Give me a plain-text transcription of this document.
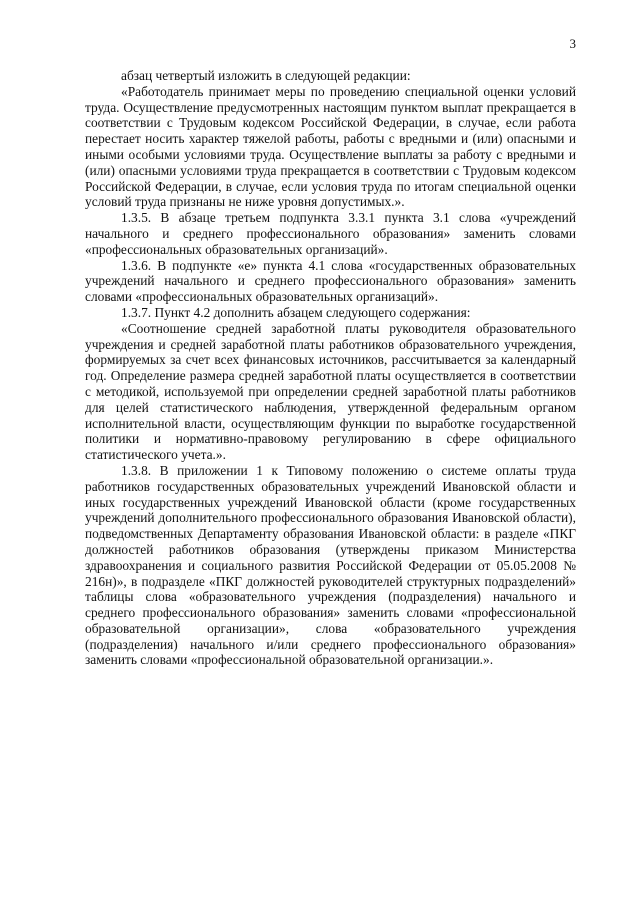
3

абзац четвертый изложить в следующей редакции:

«Работодатель принимает меры по проведению специальной оценки условий труда. Осуществление предусмотренных настоящим пунктом выплат прекращается в соответствии с Трудовым кодексом Российской Федерации, в случае, если работа перестает носить характер тяжелой работы, работы с вредными и (или) опасными и иными особыми условиями труда. Осуществление выплаты за работу с вредными и (или) опасными условиями труда прекращается в соответствии с Трудовым кодексом Российской Федерации, в случае, если условия труда по итогам специальной оценки условий труда признаны не ниже уровня допустимых.».

1.3.5. В абзаце третьем подпункта 3.3.1 пункта 3.1 слова «учреждений начального и среднего профессионального образования» заменить словами «профессиональных образовательных организаций».

1.3.6. В подпункте «е» пункта 4.1 слова «государственных образовательных учреждений начального и среднего профессионального образования» заменить словами «профессиональных образовательных организаций».

1.3.7. Пункт 4.2 дополнить абзацем следующего содержания:

«Соотношение средней заработной платы руководителя образовательного учреждения и средней заработной платы работников образовательного учреждения, формируемых за счет всех финансовых источников, рассчитывается за календарный год. Определение размера средней заработной платы осуществляется в соответствии с методикой, используемой при определении средней заработной платы работников для целей статистического наблюдения, утвержденной федеральным органом исполнительной власти, осуществляющим функции по выработке государственной политики и нормативно-правовому регулированию в сфере официального статистического учета.».

1.3.8. В приложении 1 к Типовому положению о системе оплаты труда работников государственных образовательных учреждений Ивановской области и иных государственных учреждений Ивановской области (кроме государственных учреждений дополнительного профессионального образования Ивановской области), подведомственных Департаменту образования Ивановской области: в разделе «ПКГ должностей работников образования (утверждены приказом Министерства здравоохранения и социального развития Российской Федерации от 05.05.2008 № 216н)», в подразделе «ПКГ должностей руководителей структурных подразделений» таблицы слова «образовательного учреждения (подразделения) начального и среднего профессионального образования» заменить словами «профессиональной образовательной организации», слова «образовательного учреждения (подразделения) начального и/или среднего профессионального образования» заменить словами «профессиональной образовательной организации.».
